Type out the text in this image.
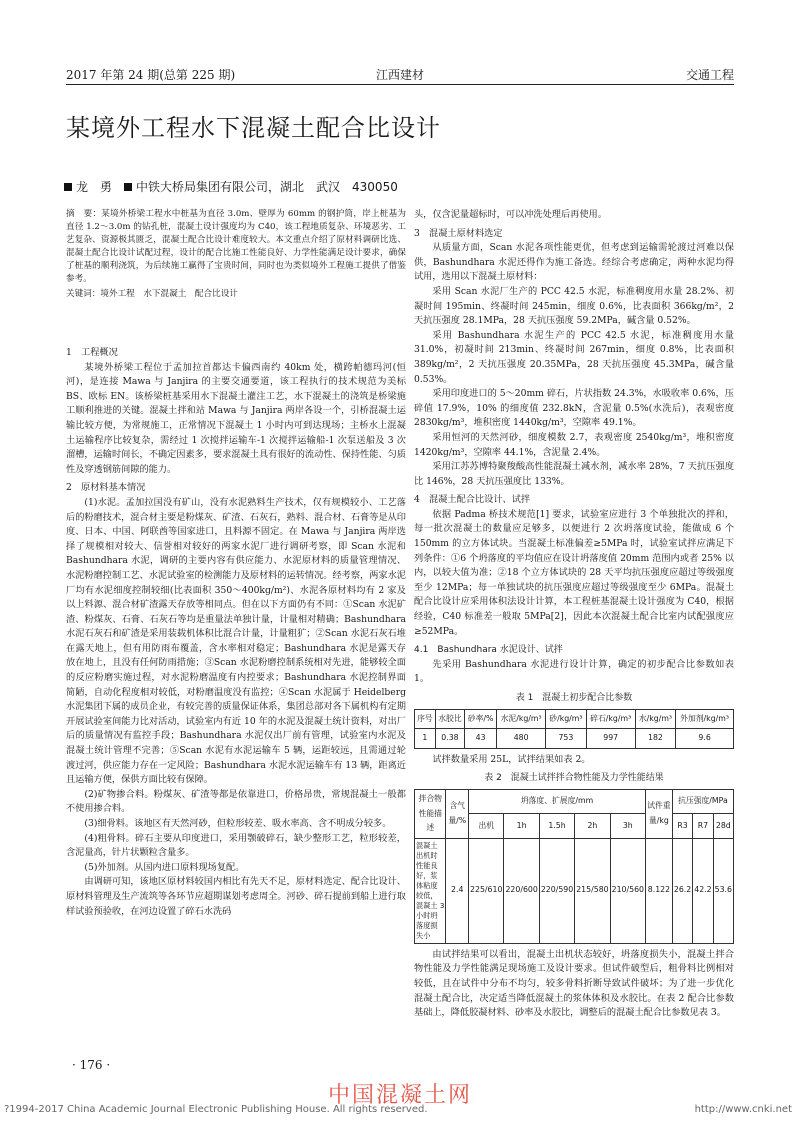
2017 年第 24 期(总第 225 期)	江西建材	交通工程
某境外工程水下混凝土配合比设计
龙　勇　 中铁大桥局集团有限公司，湖北　武汉　430050

摘　要：某境外桥梁工程水中桩基为直径 3.0m、壁厚为 60mm 的钢护筒，岸上桩基为直径 1.2～3.0m 的钻孔桩，混凝土设计强度均为 C40，该工程地质复杂、环境恶劣、工艺复杂、资源极其匮乏，混凝土配合比设计难度较大。本文重点介绍了原材料调研比选、混凝土配合比设计试配过程，设计的配合比施工性能良好、力学性能满足设计要求，确保了桩基的顺利浇筑，为后续施工赢得了宝贵时间，同时也为类似境外工程施工提供了借鉴参考。

关键词：境外工程　水下混凝土　配合比设计

1　工程概况

某境外桥梁工程位于孟加拉首都达卡偏西南约 40km 处，横跨帕德玛河(恒河)，是连接 Mawa 与 Janjira 的主要交通要道，该工程执行的技术规范为美标 BS、欧标 EN。该桥梁桩基采用水下混凝土灌注工艺，水下混凝土的浇筑是桥梁施工顺利推进的关键。混凝土拌和站 Mawa 与 Janjira 两岸各设一个，引桥混凝土运输比较方便，为常规施工，正常情况下混凝土 1 小时内可到达现场；主桥水上混凝土运输程序比较复杂，需经过 1 次搅拌运输车-1 次搅拌运输船-1 次泵送船及 3 次溜槽，运输时间长，不确定因素多，要求混凝土具有很好的流动性、保持性能、匀质性及穿透钢筋间隙的能力。

2　原材料基本情况

(1)水泥。孟加拉国没有矿山，没有水泥熟料生产技术，仅有规模较小、工艺落后的粉磨技术，混合材主要是粉煤灰、矿渣、石灰石，熟料、混合材、石膏等是从印度、日本、中国、阿联酋等国家进口，且料源不固定。在 Mawa 与 Janjira 两岸选择了规模相对较大、信誉相对较好的两家水泥厂进行调研考察，即 Scan 水泥和 Bashundhara 水泥，调研的主要内容有供应能力、水泥原材料的质量管理情况、水泥粉磨控制工艺、水泥试验室的检测能力及原材料的运转情况。经考察，两家水泥厂均有水泥细度控制较细(比表面积 350～400kg/m²)、水泥各原材料均有 2 家及以上料源、混合材矿渣露天存放等相同点。但在以下方面仍有不同：①Scan 水泥矿渣、粉煤灰、石膏、石灰石等均是重量法单独计量，计量相对精确；Bashundhara 水泥石灰石和矿渣是采用装载机体积比混合计量，计量粗犷；②Scan 水泥石灰石堆在露天地上，但有用防雨布覆盖，含水率相对稳定；Bashundhara 水泥是露天存放在地上，且没有任何防雨措施；③Scan 水泥粉磨控制系统相对先进，能够较全面的反应粉磨实施过程，对水泥粉磨温度有内控要求；Bashundhara 水泥控制界面简陋，自动化程度相对较低，对粉磨温度没有监控；④Scan 水泥属于 Heidelberg 水泥集团下属的成员企业，有较完善的质量保证体系，集团总部对各下属机构有定期开展试验室间能力比对活动，试验室内有近 10 年的水泥及混凝土统计资料，对出厂后的质量情况有监控手段；Bashundhara 水泥仅出厂前有管理，试验室内水泥及混凝土统计管理不完善；⑤Scan 水泥有水泥运输车 5 辆，运距较远，且需通过轮渡过河，供应能力存在一定风险；Bashundhara 水泥水泥运输车有 13 辆，距离近且运输方便，保供方面比较有保障。

(2)矿物掺合料。粉煤灰、矿渣等都是依靠进口，价格昂贵，常规混凝土一般都不使用掺合料。

(3)细骨料。该地区有天然河砂，但粒形较差、吸水率高、含不明成分较多。

(4)粗骨料。碎石主要从印度进口，采用颚破碎石，缺少整形工艺，粒形较差，含泥量高，针片状颗粒含量多。

(5)外加剂。从国内进口原料现场复配。

由调研可知，该地区原材料较国内相比有先天不足，原材料选定、配合比设计、原材料管理及生产流筑等各环节应超期谋划考虑周全。河砂、碎石提前到船上进行取样试验预验收，在河边设置了碎石水洗码

头，仅含泥量超标时，可以冲洗处理后再使用。

3　混凝土原材料选定

从质量方面，Scan 水泥各项性能更优，但考虑到运输需轮渡过河难以保供，Bashundhara 水泥还得作为施工备选。经综合考虑确定，两种水泥均得试用，选用以下混凝土原材料：

采用 Scan 水泥厂生产的 PCC 42.5 水泥，标准稠度用水量 28.2%、初凝时间 195min、终凝时间 245min，细度 0.6%，比表面积 366kg/m²，2 天抗压强度 28.1MPa，28 天抗压强度 59.2MPa，碱含量 0.52%。

采用 Bashundhara 水泥生产的 PCC 42.5 水泥，标准稠度用水量 31.0%，初凝时间 213min、终凝时间 267min，细度 0.8%，比表面积 389kg/m²，2 天抗压强度 20.35MPa，28 天抗压强度 45.3MPa，碱含量 0.53%。

采用印度进口的 5～20mm 碎石，片状指数 24.3%，水吸收率 0.6%，压碎值 17.9%，10% 的细度值 232.8kN，含泥量 0.5%(水洗后)，表观密度 2830kg/m³，堆积密度 1440kg/m³，空隙率 49.1%。

采用恒河的天然河砂，细度模数 2.7，表观密度 2540kg/m³，堆积密度 1420kg/m³，空隙率 44.1%，含泥量 2.4%。

采用江苏苏博特聚羧酸高性能混凝土减水剂，减水率 28%，7 天抗压强度比 146%，28 天抗压强度比 133%。

4　混凝土配合比设计、试拌

依据 Padma 桥技术规范[1] 要求，试验室应进行 3 个单独批次的拌和，每一批次混凝土的数量应足够多，以便进行 2 次坍落度试验，能做成 6 个 150mm 的立方体试块。当混凝土标准偏差≥5MPa 时，试验室试拌应满足下列条件：①6 个坍落度的平均值应在设计坍落度值 20mm 范围内或者 25% 以内，以较大值为准；②18 个立方体试块的 28 天平均抗压强度应超过等级强度至少 12MPa；每一单独试块的抗压强度应超过等级强度至少 6MPa。混凝土配合比设计应采用体积法设计计算，本工程桩基混凝土设计强度为 C40，根据经验，C40 标准差一般取 5MPa[2]，因此本次混凝土配合比室内试配强度应≥52MPa。

4.1　Bashundhara 水泥设计、试拌

先采用 Bashundhara 水泥进行设计计算，确定的初步配合比参数如表 1。

表 1　混凝土初步配合比参数
序号	水胶比	砂率/%	水泥/kg/m³	砂/kg/m³	碎石/kg/m³	水/kg/m³	外加剂/kg/m³
1	0.38	43	480	753	997	182	9.6

试拌数量采用 25L，试拌结果如表 2。

表 2　混凝土试拌拌合物性能及力学性能结果
拌合物性能描述	含气量/%	坍落度、扩展度/mm					试件重量/kg	抗压强度/MPa		
		出机	1h	1.5h	2h	3h		R3	R7	28d
混凝土出机时性能良好，浆体粘度较低，混凝土 3 小时坍落度损失小	2.4	225/610	220/600	220/590	215/580	210/560	8.122	26.2	42.2	53.6

由试拌结果可以看出，混凝土出机状态较好，坍落度损失小，混凝土拌合物性能及力学性能满足现场施工及设计要求。但试件破型后，粗骨料比例相对较低，且在试件中分布不均匀，较多骨料折断导致试件破坏；为了进一步优化混凝土配合比，决定适当降低混凝土的浆体体积及水胶比。在表 2 配合比参数基础上，降低胶凝材料、砂率及水胶比，调整后的混凝土配合比参数见表 3。

· 176 ·
中国混凝土网
?1994-2017 China Academic Journal Electronic Publishing House. All rights reserved.	http://www.cnki.net
